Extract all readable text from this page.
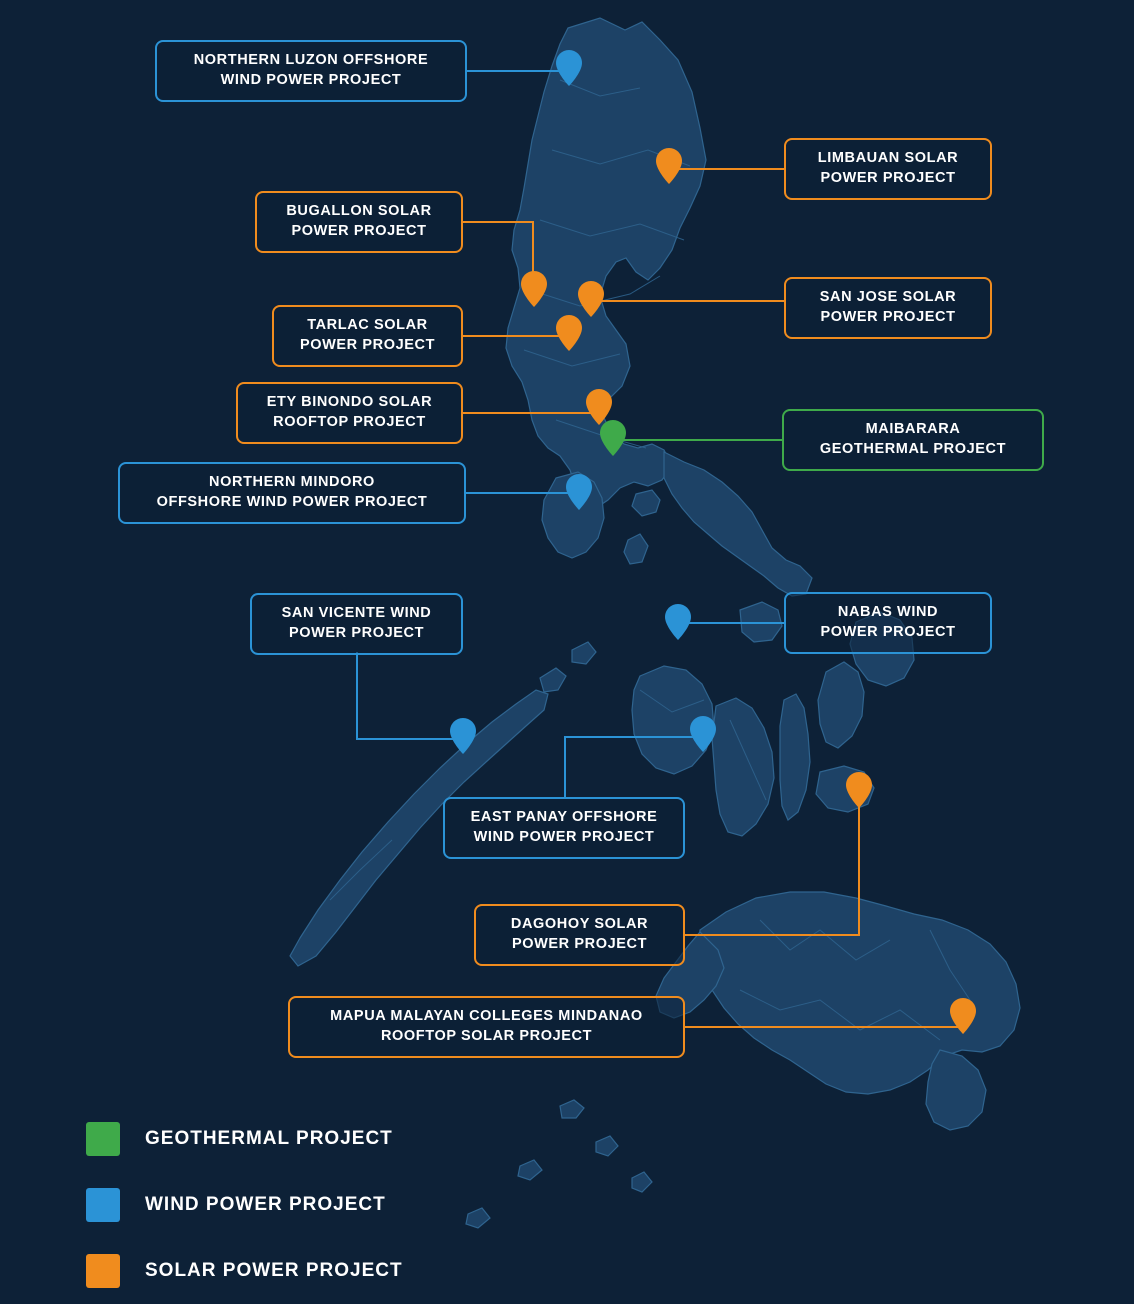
NORTHERN LUZON OFFSHORE
WIND POWER PROJECT
LIMBAUAN SOLAR
POWER PROJECT
BUGALLON SOLAR
POWER PROJECT
SAN JOSE SOLAR
POWER PROJECT
TARLAC SOLAR
POWER PROJECT
ETY BINONDO SOLAR
ROOFTOP PROJECT	MAIBARARA
GEOTHERMAL PROJECT
NORTHERN MINDORO
OFFSHORE WIND POWER PROJECT
SAN VICENTE WIND
POWER PROJECT
NABAS WIND
POWER PROJECT
EAST PANAY OFFSHORE
WIND POWER PROJECT
DAGOHOY SOLAR
POWER PROJECT
MAPUA MALAYAN COLLEGES MINDANAO
ROOFTOP SOLAR PROJECT
GEOTHERMAL PROJECT
WIND POWER PROJECT
SOLAR POWER PROJECT
